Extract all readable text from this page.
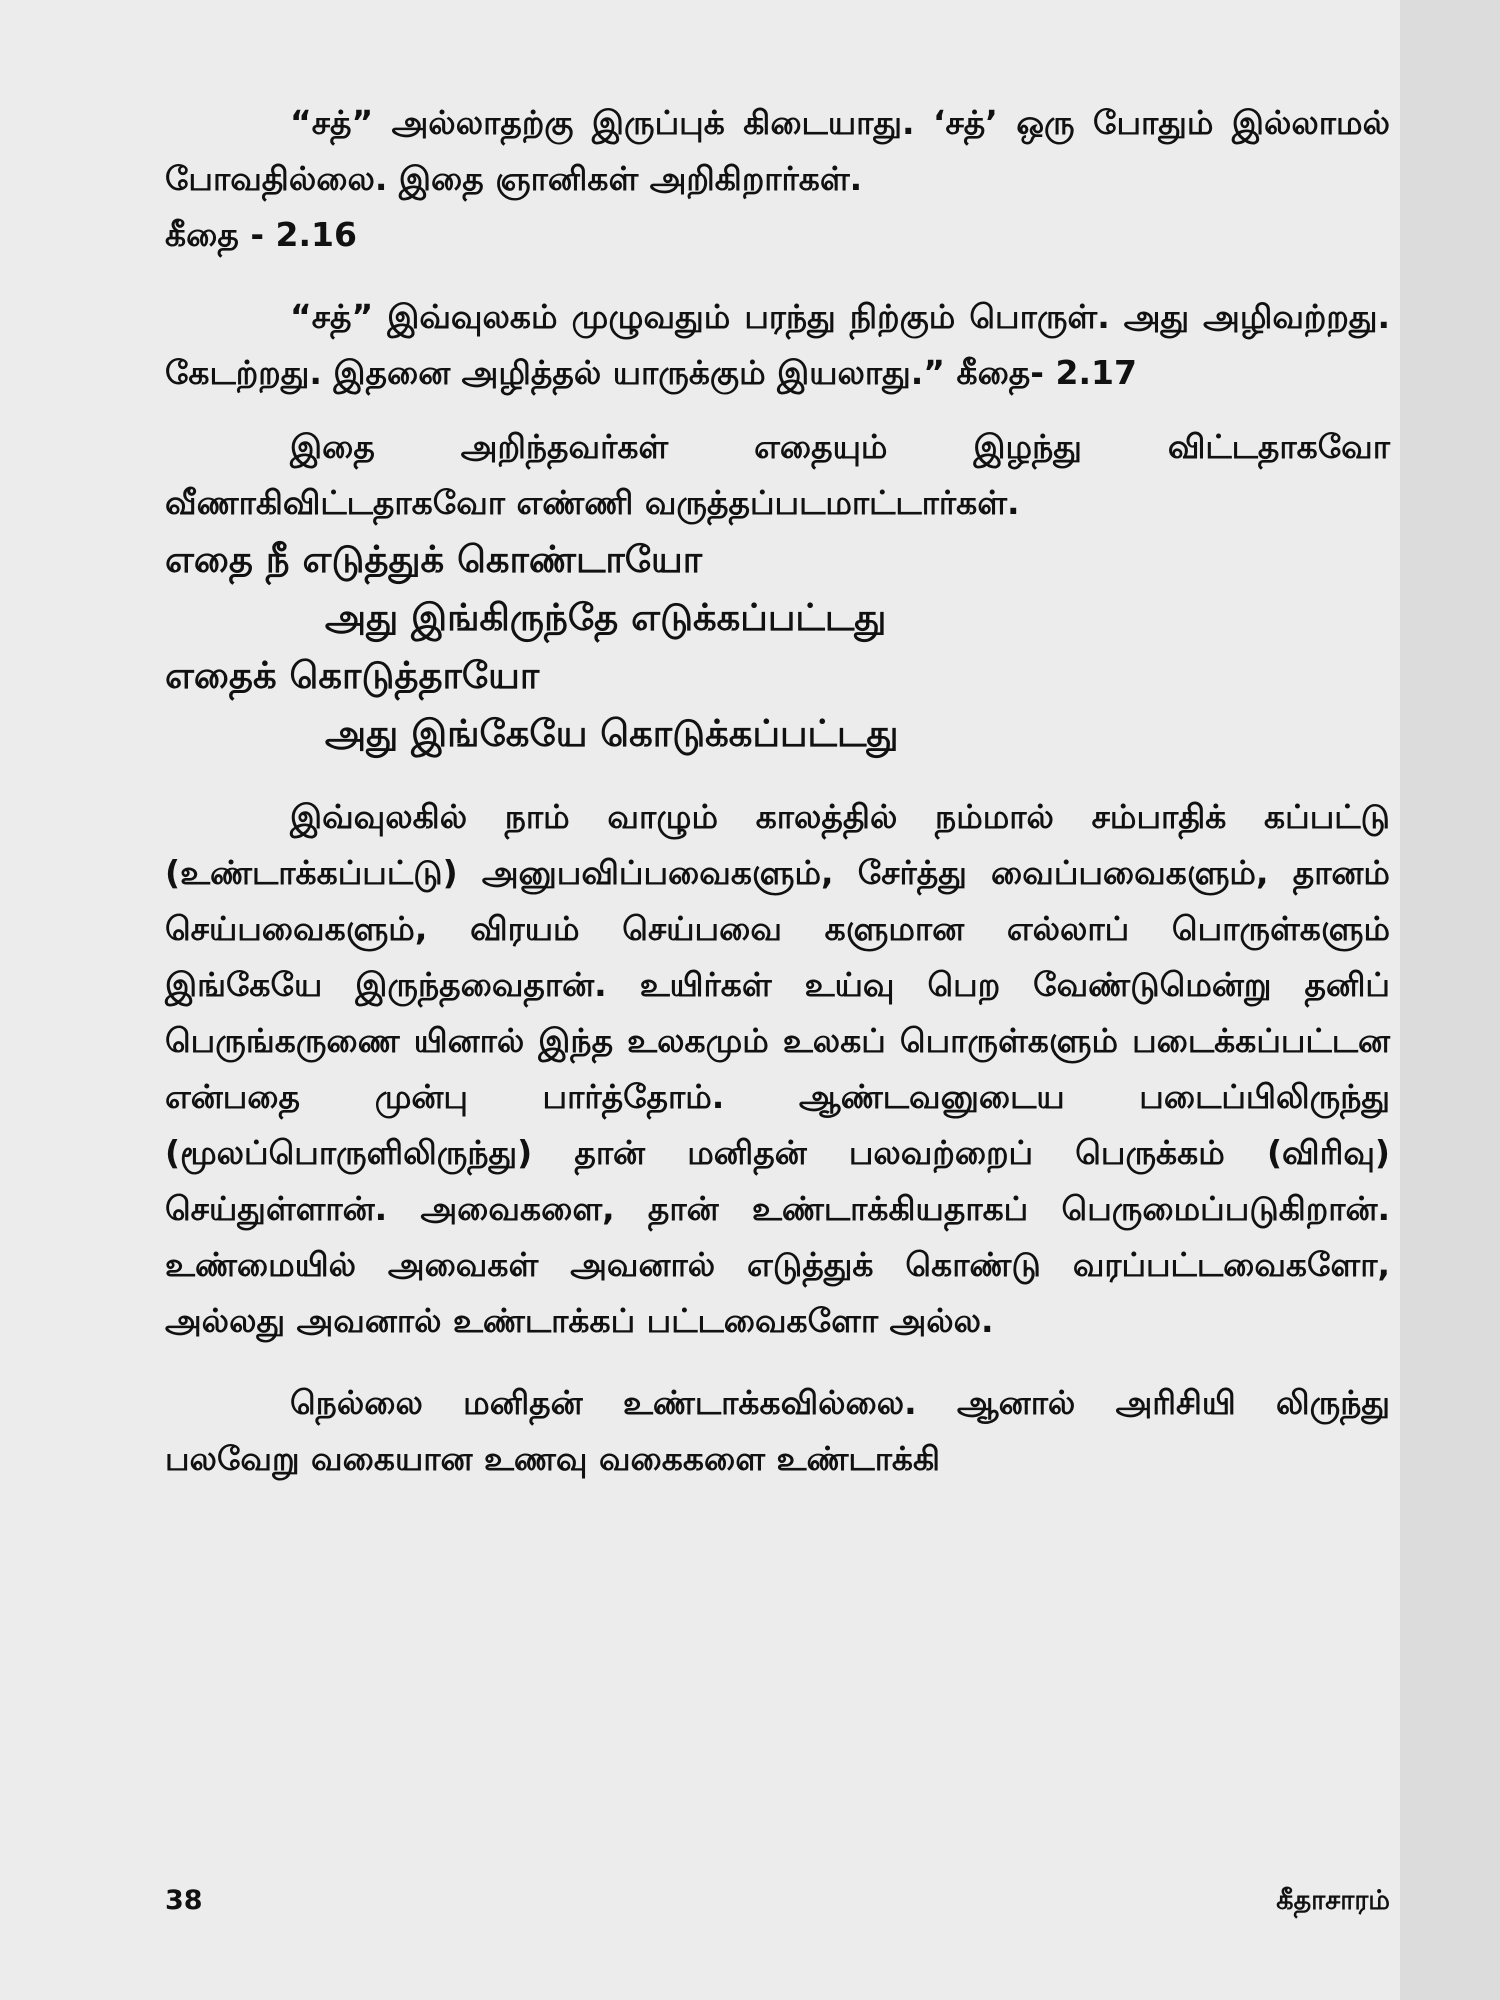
“சத்” அல்லாதற்கு இருப்புக் கிடையாது. ‘சத்’ ஒரு போதும் இல்லாமல் போவதில்லை. இதை ஞானிகள் அறிகிறார்கள்.

கீதை - 2.16

“சத்” இவ்வுலகம் முழுவதும் பரந்து நிற்கும் பொருள். அது அழிவற்றது. கேடற்றது. இதனை அழித்தல் யாருக்கும் இயலாது.” கீதை- 2.17

இதை அறிந்தவர்கள் எதையும் இழந்து விட்டதாகவோ வீணாகிவிட்டதாகவோ எண்ணி வருத்தப்படமாட்டார்கள்.

எதை நீ எடுத்துக் கொண்டாயோ
அது இங்கிருந்தே எடுக்கப்பட்டது
எதைக் கொடுத்தாயோ
அது இங்கேயே கொடுக்கப்பட்டது

இவ்வுலகில் நாம் வாழும் காலத்தில் நம்மால் சம்பாதிக் கப்பட்டு (உண்டாக்கப்பட்டு) அனுபவிப்பவைகளும், சேர்த்து வைப்பவைகளும், தானம் செய்பவைகளும், விரயம் செய்பவை களுமான எல்லாப் பொருள்களும் இங்கேயே இருந்தவைதான். உயிர்கள் உய்வு பெற வேண்டுமென்று தனிப் பெருங்கருணை யினால் இந்த உலகமும் உலகப் பொருள்களும் படைக்கப்பட்டன என்பதை முன்பு பார்த்தோம். ஆண்டவனுடைய படைப்பிலிருந்து (மூலப்பொருளிலிருந்து) தான் மனிதன் பலவற்றைப் பெருக்கம் (விரிவு) செய்துள்ளான். அவைகளை, தான் உண்டாக்கியதாகப் பெருமைப்படுகிறான். உண்மையில் அவைகள் அவனால் எடுத்துக் கொண்டு வரப்பட்டவைகளோ, அல்லது அவனால் உண்டாக்கப் பட்டவைகளோ அல்ல.

நெல்லை மனிதன் உண்டாக்கவில்லை. ஆனால் அரிசியி லிருந்து பலவேறு வகையான உணவு வகைகளை உண்டாக்கி

38	கீதாசாரம்
